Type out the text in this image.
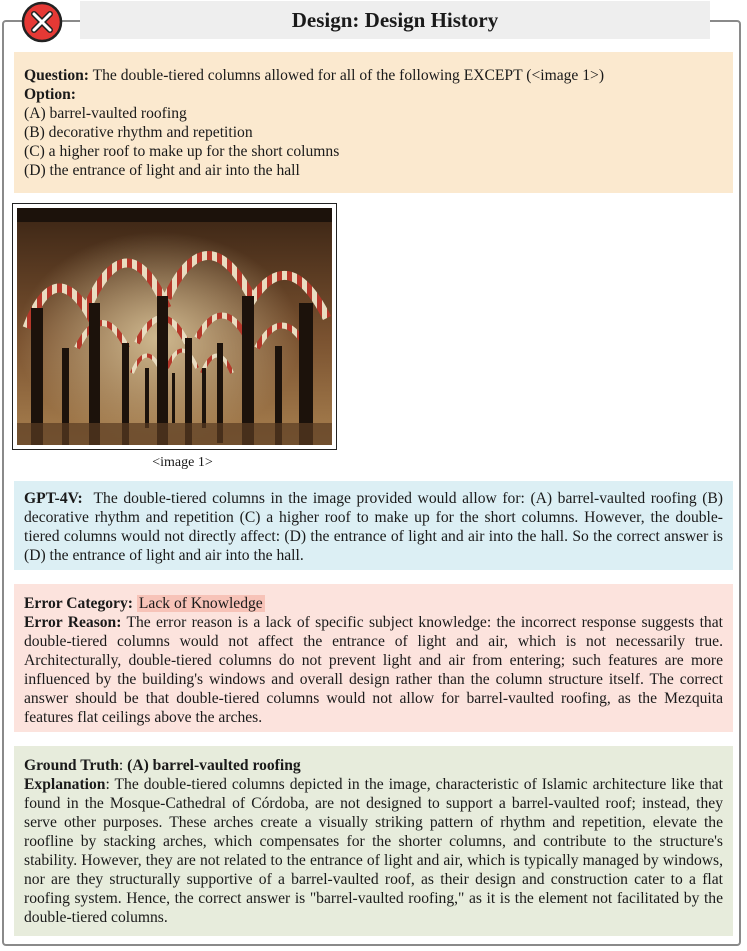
Design: Design History
Question: The double-tiered columns allowed for all of the following EXCEPT (<image 1>)
Option:
(A) barrel-vaulted roofing
(B) decorative rhythm and repetition
(C) a higher roof to make up for the short columns
(D) the entrance of light and air into the hall
<image 1>
GPT-4V: The double-tiered columns in the image provided would allow for: (A) barrel-vaulted roofing (B) decorative rhythm and repetition (C) a higher roof to make up for the short columns. However, the double-tiered columns would not directly affect: (D) the entrance of light and air into the hall. So the correct answer is (D) the entrance of light and air into the hall.
Error Category: Lack of Knowledge
Error Reason: The error reason is a lack of specific subject knowledge: the incorrect response suggests that double-tiered columns would not affect the entrance of light and air, which is not necessarily true. Architecturally, double-tiered columns do not prevent light and air from entering; such features are more influenced by the building's windows and overall design rather than the column structure itself. The correct answer should be that double-tiered columns would not allow for barrel-vaulted roofing, as the Mezquita features flat ceilings above the arches.
Ground Truth: (A) barrel-vaulted roofing
Explanation: The double-tiered columns depicted in the image, characteristic of Islamic architecture like that found in the Mosque-Cathedral of Córdoba, are not designed to support a barrel-vaulted roof; instead, they serve other purposes. These arches create a visually striking pattern of rhythm and repetition, elevate the roofline by stacking arches, which compensates for the shorter columns, and contribute to the structure's stability. However, they are not related to the entrance of light and air, which is typically managed by windows, nor are they structurally supportive of a barrel-vaulted roof, as their design and construction cater to a flat roofing system. Hence, the correct answer is "barrel-vaulted roofing," as it is the element not facilitated by the double-tiered columns.
